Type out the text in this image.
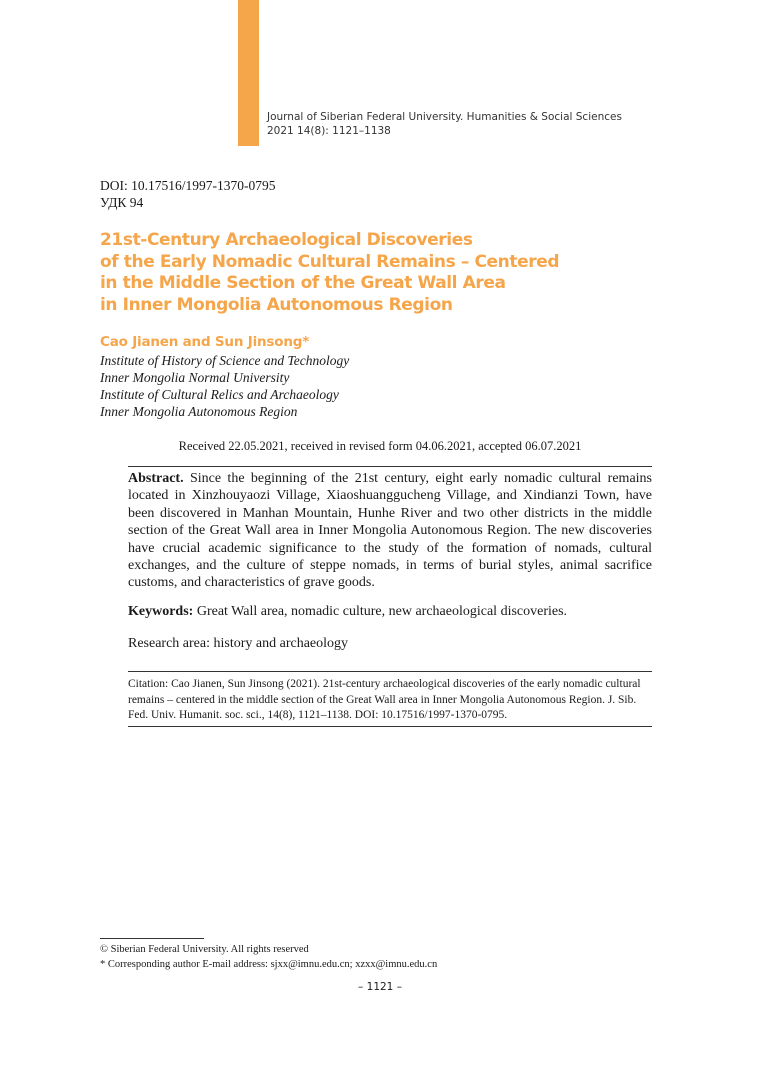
Journal of Siberian Federal University. Humanities & Social Sciences
2021 14(8): 1121–1138
DOI: 10.17516/1997-1370-0795
УДК 94
21st-Century Archaeological Discoveries
of the Early Nomadic Cultural Remains – Centered
in the Middle Section of the Great Wall Area
in Inner Mongolia Autonomous Region
Cao Jianen and Sun Jinsong*
Institute of History of Science and Technology
Inner Mongolia Normal University
Institute of Cultural Relics and Archaeology
Inner Mongolia Autonomous Region
Received 22.05.2021, received in revised form 04.06.2021, accepted 06.07.2021

Abstract. Since the beginning of the 21st century, eight early nomadic cultural remains located in Xinzhouyaozi Village, Xiaoshuanggucheng Village, and Xindianzi Town, have been discovered in Manhan Mountain, Hunhe River and two other districts in the middle section of the Great Wall area in Inner Mongolia Autonomous Region. The new discoveries have crucial academic significance to the study of the formation of nomads, cultural exchanges, and the culture of steppe nomads, in terms of burial styles, animal sacrifice customs, and characteristics of grave goods.

Keywords: Great Wall area, nomadic culture, new archaeological discoveries.
Research area: history and archaeology

Citation: Cao Jianen, Sun Jinsong (2021). 21st-century archaeological discoveries of the early nomadic cultural remains – centered in the middle section of the Great Wall area in Inner Mongolia Autonomous Region. J. Sib. Fed. Univ. Humanit. soc. sci., 14(8), 1121–1138. DOI: 10.17516/1997-1370-0795.

© Siberian Federal University. All rights reserved
* Corresponding author E-mail address: sjxx@imnu.edu.cn; xzxx@imnu.edu.cn
– 1121 –
